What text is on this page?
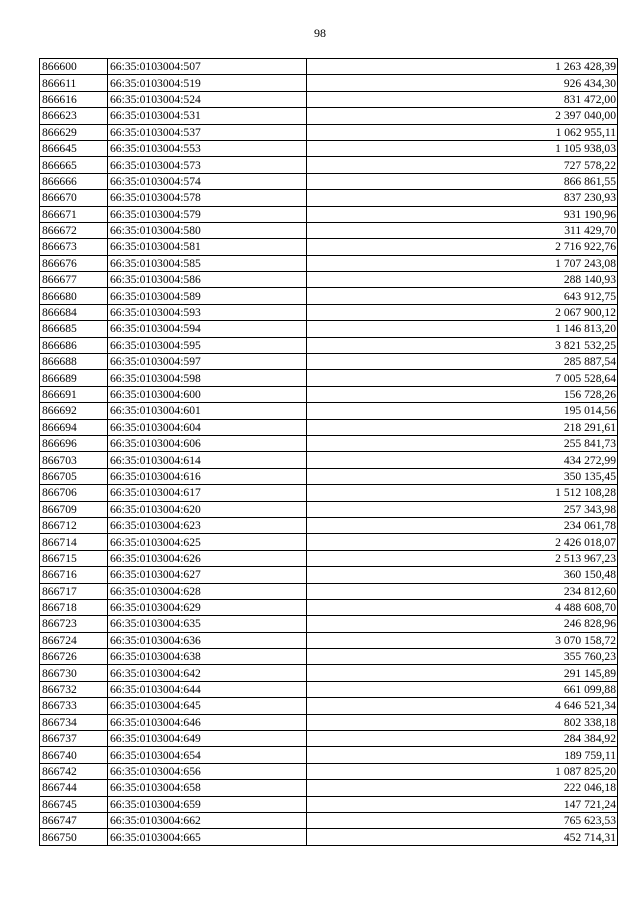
98
866600	66:35:0103004:507	1 263 428,39
866611	66:35:0103004:519	926 434,30
866616	66:35:0103004:524	831 472,00
866623	66:35:0103004:531	2 397 040,00
866629	66:35:0103004:537	1 062 955,11
866645	66:35:0103004:553	1 105 938,03
866665	66:35:0103004:573	727 578,22
866666	66:35:0103004:574	866 861,55
866670	66:35:0103004:578	837 230,93
866671	66:35:0103004:579	931 190,96
866672	66:35:0103004:580	311 429,70
866673	66:35:0103004:581	2 716 922,76
866676	66:35:0103004:585	1 707 243,08
866677	66:35:0103004:586	288 140,93
866680	66:35:0103004:589	643 912,75
866684	66:35:0103004:593	2 067 900,12
866685	66:35:0103004:594	1 146 813,20
866686	66:35:0103004:595	3 821 532,25
866688	66:35:0103004:597	285 887,54
866689	66:35:0103004:598	7 005 528,64
866691	66:35:0103004:600	156 728,26
866692	66:35:0103004:601	195 014,56
866694	66:35:0103004:604	218 291,61
866696	66:35:0103004:606	255 841,73
866703	66:35:0103004:614	434 272,99
866705	66:35:0103004:616	350 135,45
866706	66:35:0103004:617	1 512 108,28
866709	66:35:0103004:620	257 343,98
866712	66:35:0103004:623	234 061,78
866714	66:35:0103004:625	2 426 018,07
866715	66:35:0103004:626	2 513 967,23
866716	66:35:0103004:627	360 150,48
866717	66:35:0103004:628	234 812,60
866718	66:35:0103004:629	4 488 608,70
866723	66:35:0103004:635	246 828,96
866724	66:35:0103004:636	3 070 158,72
866726	66:35:0103004:638	355 760,23
866730	66:35:0103004:642	291 145,89
866732	66:35:0103004:644	661 099,88
866733	66:35:0103004:645	4 646 521,34
866734	66:35:0103004:646	802 338,18
866737	66:35:0103004:649	284 384,92
866740	66:35:0103004:654	189 759,11
866742	66:35:0103004:656	1 087 825,20
866744	66:35:0103004:658	222 046,18
866745	66:35:0103004:659	147 721,24
866747	66:35:0103004:662	765 623,53
866750	66:35:0103004:665	452 714,31
